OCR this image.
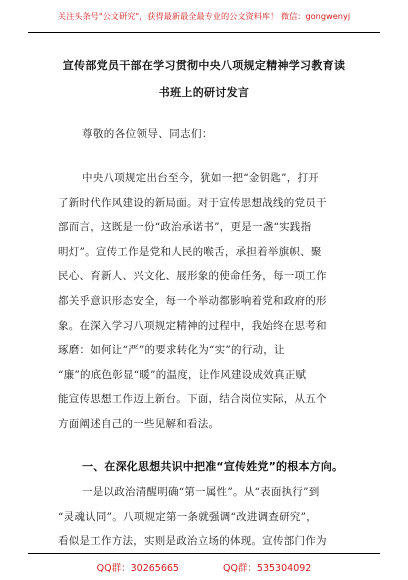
关注头条号"公文研究"，获得最新最全最专业的公文资料库！ 微信：gongwenyj
宣传部党员干部在学习贯彻中央八项规定精神学习教育读
书班上的研讨发言
尊敬的各位领导、同志们：
中央八项规定出台至今，犹如一把“金钥匙”，打开
了新时代作风建设的新局面。对于宣传思想战线的党员干
部而言，这既是一份“政治承诺书”，更是一盏“实践指
明灯”。宣传工作是党和人民的喉舌，承担着举旗帜、聚
民心、育新人、兴文化、展形象的使命任务，每一项工作
都关乎意识形态安全，每一个举动都影响着党和政府的形
象。在深入学习八项规定精神的过程中，我始终在思考和
琢磨：如何让“严”的要求转化为“实”的行动，让
“廉”的底色彰显“暖”的温度，让作风建设成效真正赋
能宣传思想工作迈上新台。下面，结合岗位实际，从五个
方面阐述自己的一些见解和看法。
一、在深化思想共识中把准“宣传姓党”的根本方向。
一是以政治清醒明确“第一属性”。从“表面执行”到
“灵魂认同”。八项规定第一条就强调“改进调查研究”，
看似是工作方法，实则是政治立场的体现。宣传部门作为
QQ群：30265665	QQ群：535304092
